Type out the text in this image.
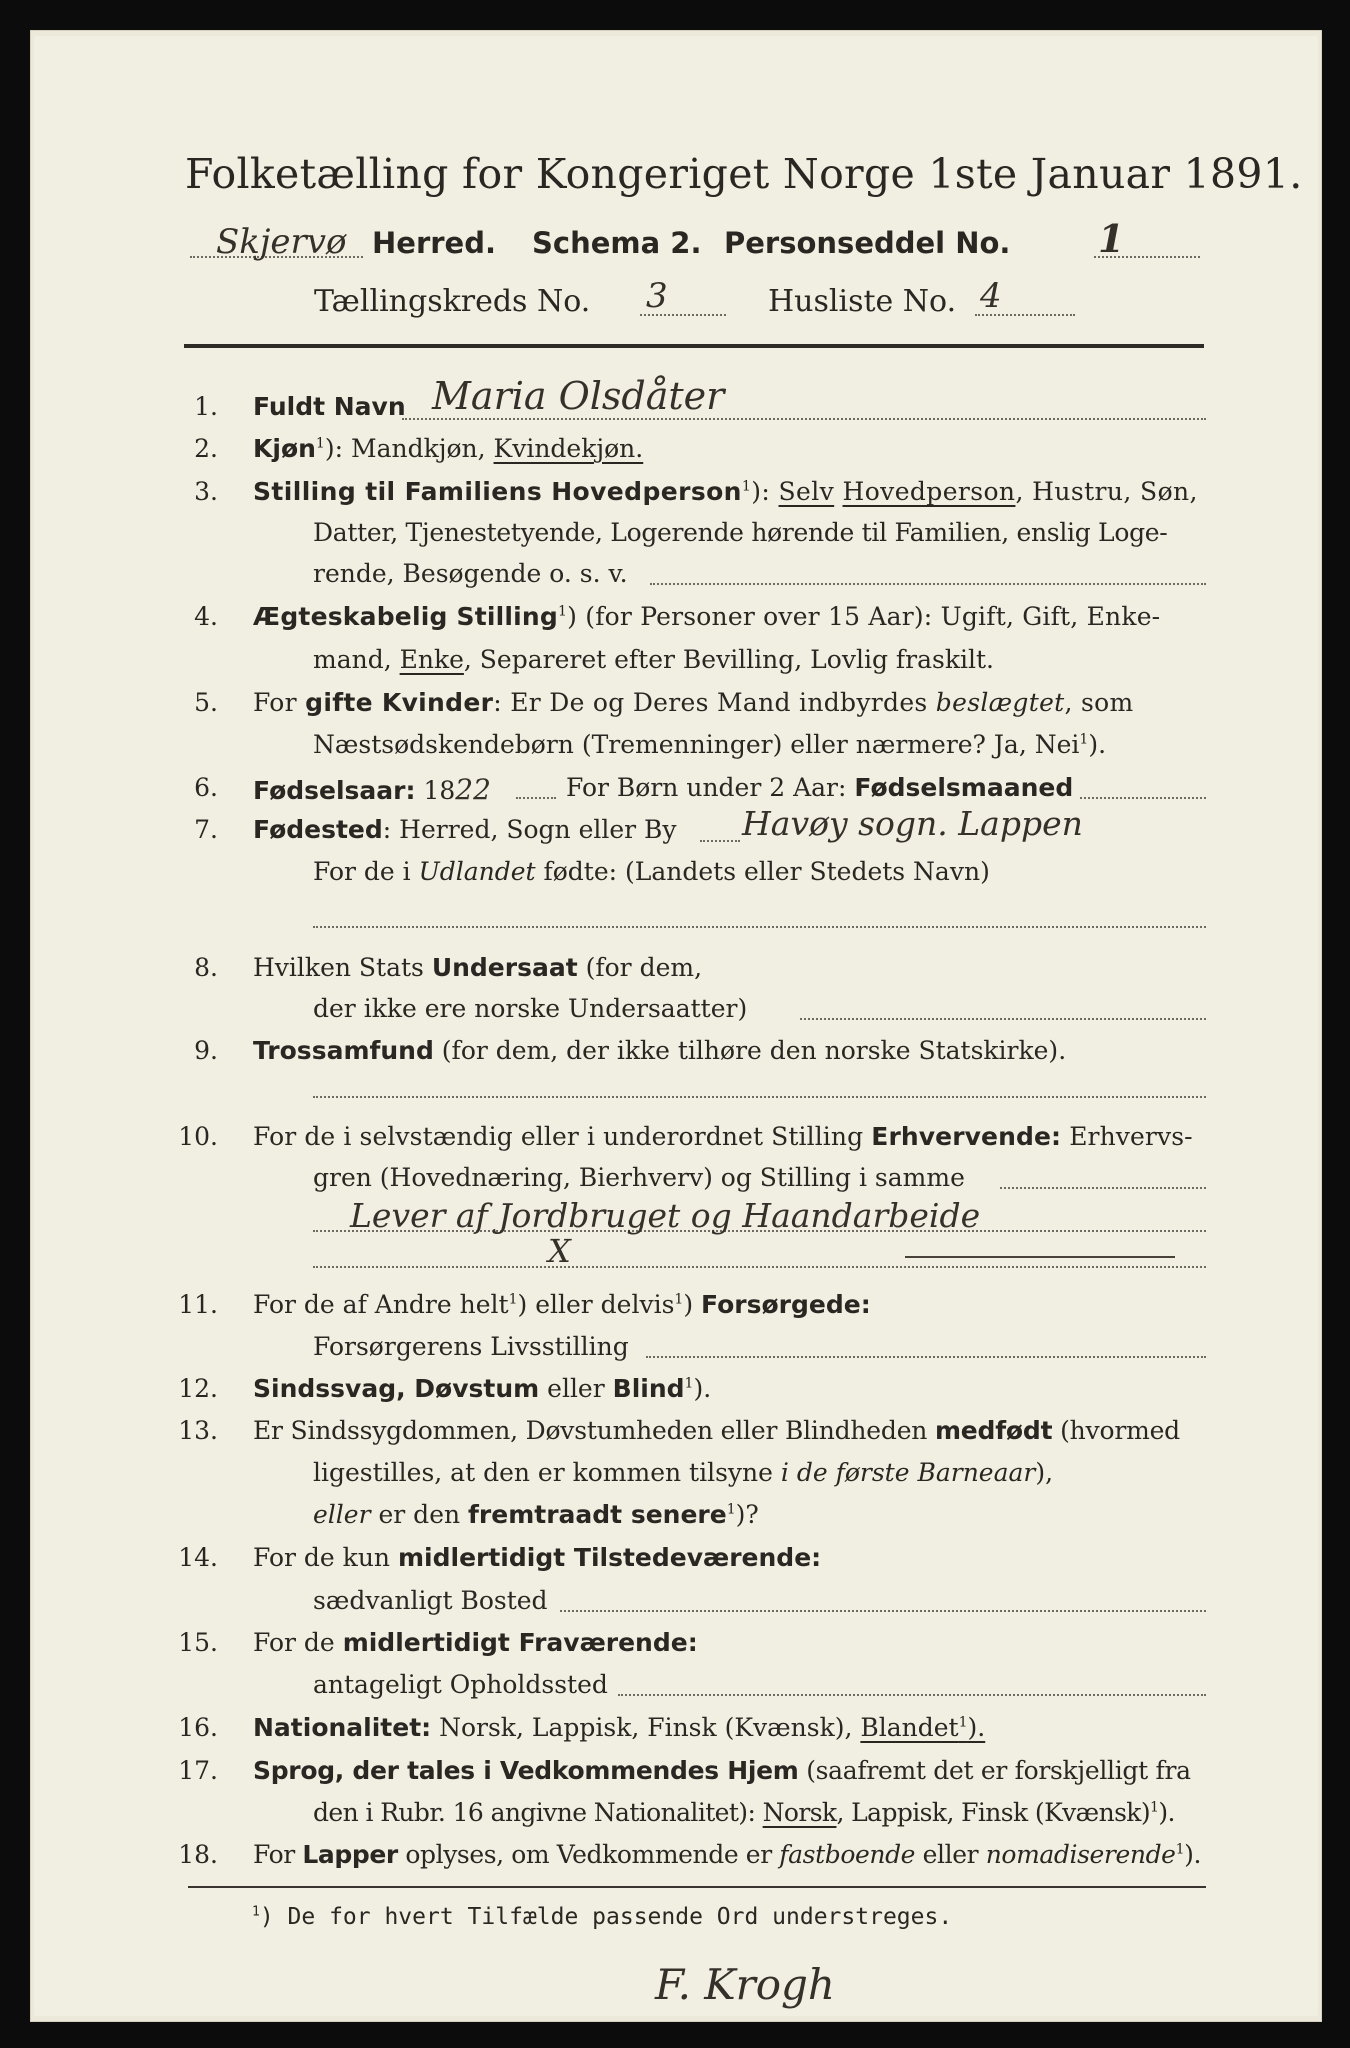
Folketælling for Kongeriget Norge 1ste Januar 1891.
Skjervø Herred. Schema 2. Personseddel No. 1
Tællingskreds No. 3	Husliste No. 4
1. Fuldt Navn Maria Olsdåter
2. Kjøn$^1$): Mandkjøn, Kvindekjøn.
3. Stilling til Familiens Hovedperson$^1$): Selv Hovedperson, Hustru, Søn,
Datter, Tjenestetyende, Logerende hørende til Familien, enslig Loge-
rende, Besøgende o. s. v.
4. Ægteskabelig Stilling$^1$) (for Personer over 15 Aar): Ugift, Gift, Enke-
mand, Enke, Separeret efter Bevilling, Lovlig fraskilt.
5. For gifte Kvinder: Er De og Deres Mand indbyrdes beslægtet, som
Næstsødskendebørn (Tremenninger) eller nærmere? Ja, Nei$^1$).
6. Fødselsaar: 1822	For Børn under 2 Aar: Fødselsmaaned
7. Fødested: Herred, Sogn eller By Havøy sogn. Lappen
For de i Udlandet fødte: (Landets eller Stedets Navn)
8. Hvilken Stats Undersaat (for dem,
der ikke ere norske Undersaatter)
9. Trossamfund (for dem, der ikke tilhøre den norske Statskirke).
10. For de i selvstændig eller i underordnet Stilling Erhvervende: Erhvervs-
gren (Hovednæring, Bierhverv) og Stilling i samme
Lever af Jordbruget og Haandarbeide
X
11. For de af Andre helt$^1$) eller delvis$^1$) Forsørgede:
Forsørgerens Livsstilling
12. Sindssvag, Døvstum eller Blind$^1$).
13. Er Sindssygdommen, Døvstumheden eller Blindheden medfødt (hvormed
ligestilles, at den er kommen tilsyne i de første Barneaar),
eller er den fremtraadt senere$^1$)?
14. For de kun midlertidigt Tilstedeværende:
sædvanligt Bosted
15. For de midlertidigt Fraværende:
antageligt Opholdssted
16. Nationalitet: Norsk, Lappisk, Finsk (Kvænsk), Blandet$^1$).
17. Sprog, der tales i Vedkommendes Hjem (saafremt det er forskjelligt fra
den i Rubr. 16 angivne Nationalitet): Norsk, Lappisk, Finsk (Kvænsk)$^1$).
18. For Lapper oplyses, om Vedkommende er fastboende eller nomadiserende$^1$).
$^1$) De for hvert Tilfælde passende Ord understreges.
F. Krogh
